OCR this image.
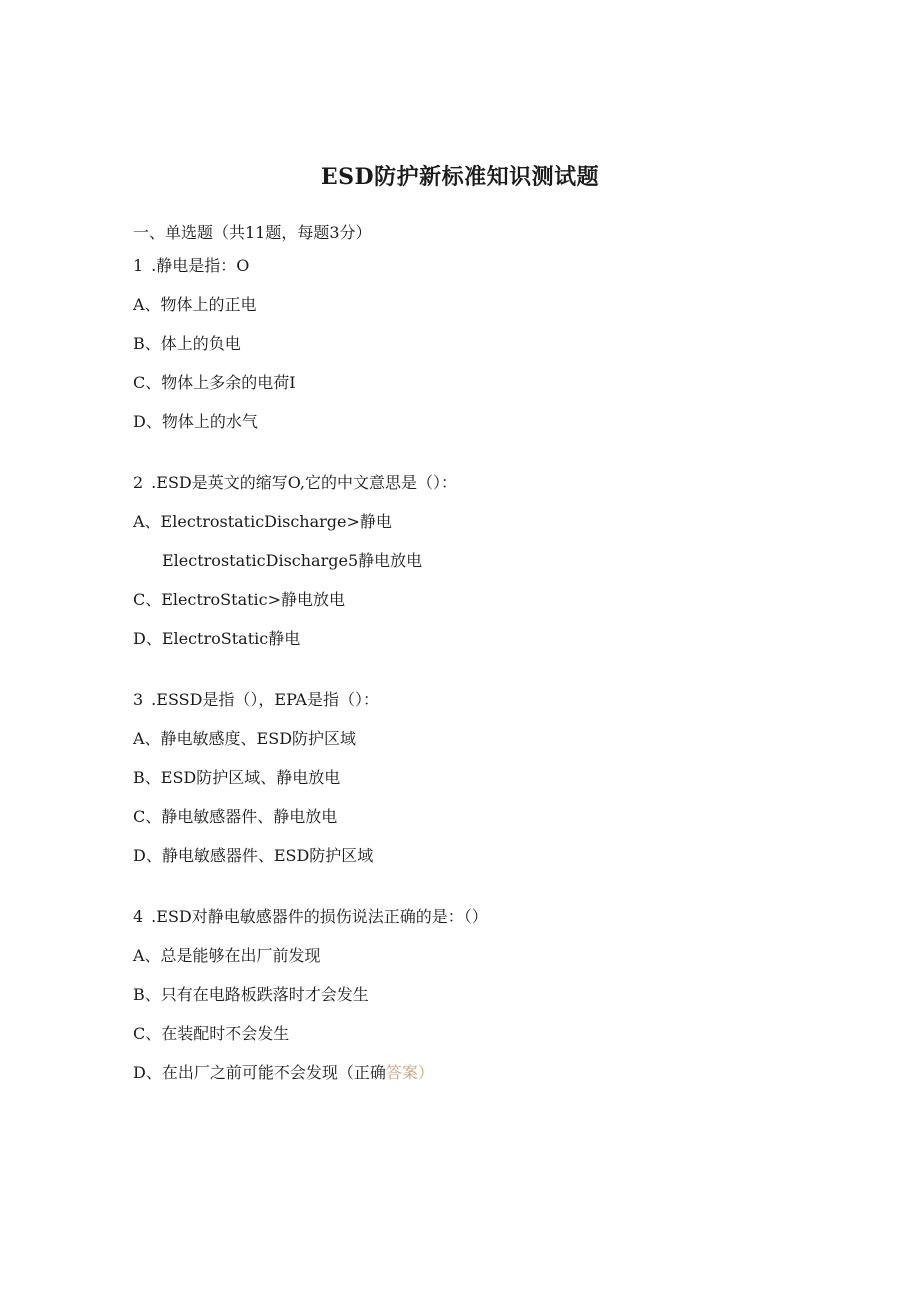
ESD防护新标准知识测试题
一、单选题（共11题，每题3分）
1 .静电是指：O
A、物体上的正电
B、体上的负电
C、物体上多余的电荷I
D、物体上的水气
2 .ESD是英文的缩写O,它的中文意思是（）：
A、ElectrostaticDischarge>静电
ElectrostaticDischarge5静电放电
C、ElectroStatic>静电放电
D、ElectroStatic静电
3 .ESSD是指（），EPA是指（）：
A、静电敏感度、ESD防护区域
B、ESD防护区域、静电放电
C、静电敏感器件、静电放电
D、静电敏感器件、ESD防护区域
4 .ESD对静电敏感器件的损伤说法正确的是：（）
A、总是能够在出厂前发现
B、只有在电路板跌落时才会发生
C、在装配时不会发生
D、在出厂之前可能不会发现（正确答案）
